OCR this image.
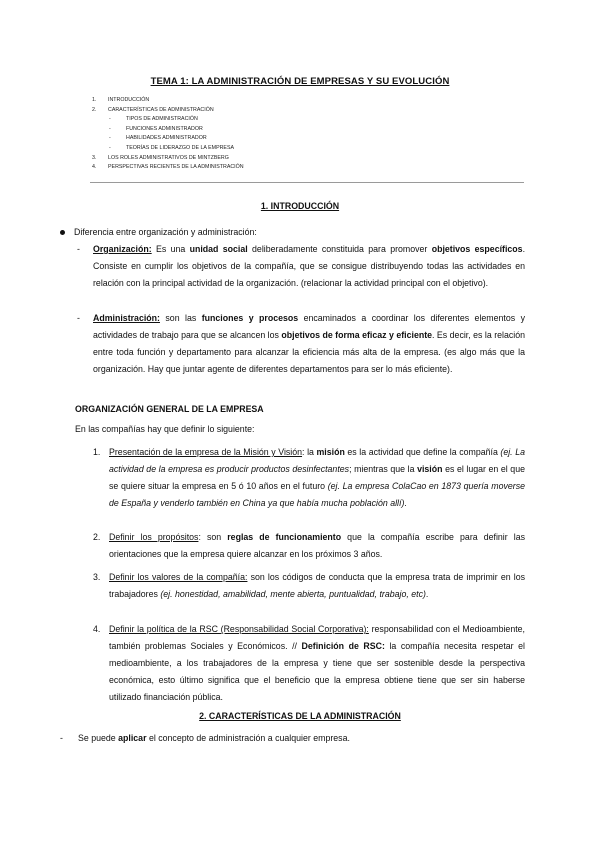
TEMA 1: LA ADMINISTRACIÓN DE EMPRESAS Y SU EVOLUCIÓN
1.	INTRODUCCIÓN
2.	CARACTERÍSTICAS DE ADMINISTRACIÓN
-	TIPOS DE ADMINISTRACIÓN
-	FUNCIONES ADMINISTRADOR
-	HABILIDADES ADMINISTRADOR
-	TEORÍAS DE LIDERAZGO DE LA EMPRESA
3.	LOS ROLES ADMINISTRATIVOS DE MINTZBERG
4.	PERSPECTIVAS RECIENTES DE LA ADMINISTRACIÓN
1. INTRODUCCIÓN
Diferencia entre organización y administración:
- Organización: Es una unidad social deliberadamente constituida para promover objetivos específicos. Consiste en cumplir los objetivos de la compañía, que se consigue distribuyendo todas las actividades en relación con la principal actividad de la organización. (relacionar la actividad principal con el objetivo).
- Administración: son las funciones y procesos encaminados a coordinar los diferentes elementos y actividades de trabajo para que se alcancen los objetivos de forma eficaz y eficiente. Es decir, es la relación entre toda función y departamento para alcanzar la eficiencia más alta de la empresa. (es algo más que la organización. Hay que juntar agente de diferentes departamentos para ser lo más eficiente).
ORGANIZACIÓN GENERAL DE LA EMPRESA
En las compañías hay que definir lo siguiente:
1. Presentación de la empresa de la Misión y Visión: la misión es la actividad que define la compañía (ej. La actividad de la empresa es producir productos desinfectantes; mientras que la visión es el lugar en el que se quiere situar la empresa en 5 ó 10 años en el futuro (ej. La empresa ColaCao en 1873 quería moverse de España y venderlo también en China ya que había mucha población allí).
2. Definir los propósitos: son reglas de funcionamiento que la compañía escribe para definir las orientaciones que la empresa quiere alcanzar en los próximos 3 años.
3. Definir los valores de la compañía: son los códigos de conducta que la empresa trata de imprimir en los trabajadores (ej. honestidad, amabilidad, mente abierta, puntualidad, trabajo, etc).
4. Definir la política de la RSC (Responsabilidad Social Corporativa): responsabilidad con el Medioambiente, también problemas Sociales y Económicos. // Definición de RSC: la compañía necesita respetar el medioambiente, a los trabajadores de la empresa y tiene que ser sostenible desde la perspectiva económica, esto último significa que el beneficio que la empresa obtiene tiene que ser sin haberse utilizado financiación pública.
2. CARACTERÍSTICAS DE LA ADMINISTRACIÓN
- Se puede aplicar el concepto de administración a cualquier empresa.
